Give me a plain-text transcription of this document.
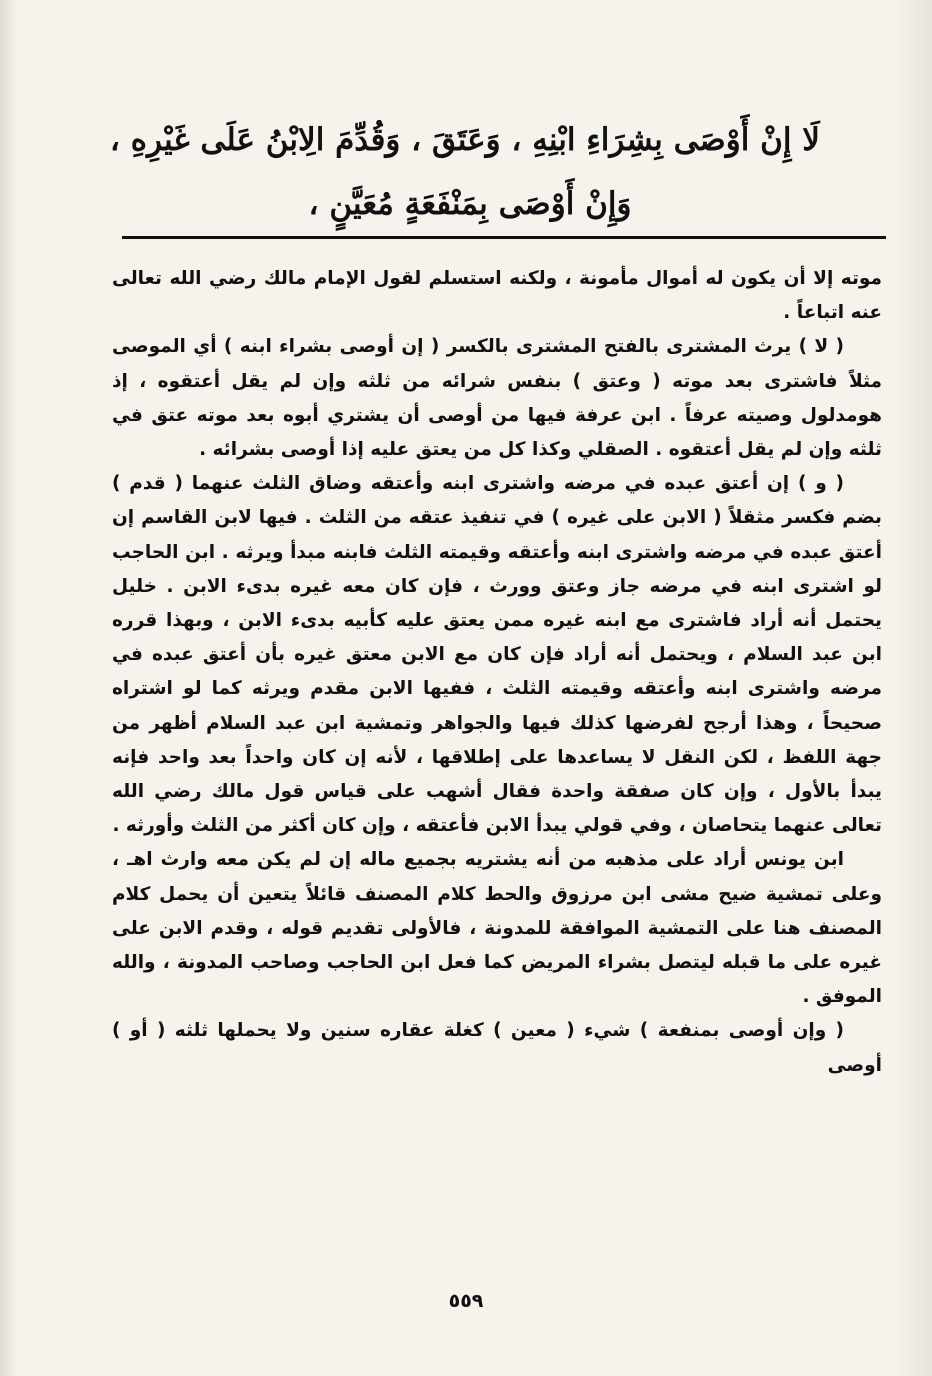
لَا إِنْ أَوْصَى بِشِرَاءِ ابْنِهِ ، وَعَتَقَ ، وَقُدِّمَ الِابْنُ عَلَى غَيْرِهِ ،

وَإِنْ أَوْصَى بِمَنْفَعَةٍ مُعَيَّنٍ ،

موته إلا أن يكون له أموال مأمونة ، ولكنه استسلم لقول الإمام مالك رضي الله تعالى عنه اتباعاً .

( لا ) يرث المشترى بالفتح المشترى بالكسر ( إن أوصى بشراء ابنه ) أي الموصى مثلاً فاشترى بعد موته ( وعتق ) بنفس شرائه من ثلثه وإن لم يقل أعتقوه ، إذ هومدلول وصيته عرفاً . ابن عرفة فيها من أوصى أن يشتري أبوه بعد موته عتق في ثلثه وإن لم يقل أعتقوه . الصقلي وكذا كل من يعتق عليه إذا أوصى بشرائه .

( و ) إن أعتق عبده في مرضه واشترى ابنه وأعتقه وضاق الثلث عنهما ( قدم ) بضم فكسر مثقلاً ( الابن على غيره ) في تنفيذ عتقه من الثلث . فيها لابن القاسم إن أعتق عبده في مرضه واشترى ابنه وأعتقه وقيمته الثلث فابنه مبدأ ويرثه . ابن الحاجب لو اشترى ابنه في مرضه جاز وعتق وورث ، فإن كان معه غيره بدىء الابن . خليل يحتمل أنه أراد فاشترى مع ابنه غيره ممن يعتق عليه كأبيه بدىء الابن ، وبهذا قرره ابن عبد السلام ، ويحتمل أنه أراد فإن كان مع الابن معتق غيره بأن أعتق عبده في مرضه واشترى ابنه وأعتقه وقيمته الثلث ، ففيها الابن مقدم ويرثه كما لو اشتراه صحيحاً ، وهذا أرجح لفرضها كذلك فيها والجواهر وتمشية ابن عبد السلام أظهر من جهة اللفظ ، لكن النقل لا يساعدها على إطلاقها ، لأنه إن كان واحداً بعد واحد فإنه يبدأ بالأول ، وإن كان صفقة واحدة فقال أشهب على قياس قول مالك رضي الله تعالى عنهما يتحاصان ، وفي قولي يبدأ الابن فأعتقه ، وإن كان أكثر من الثلث وأورثه .

ابن يونس أراد على مذهبه من أنه يشتريه بجميع ماله إن لم يكن معه وارث اهـ ، وعلى تمشية ضيح مشى ابن مرزوق والحط كلام المصنف قائلاً يتعين أن يحمل كلام المصنف هنا على التمشية الموافقة للمدونة ، فالأولى تقديم قوله ، وقدم الابن على غيره على ما قبله ليتصل بشراء المريض كما فعل ابن الحاجب وصاحب المدونة ، والله الموفق .

( وإن أوصى بمنفعة ) شيء ( معين ) كغلة عقاره سنين ولا يحملها ثلثه ( أو ) أوصى

٥٥٩
